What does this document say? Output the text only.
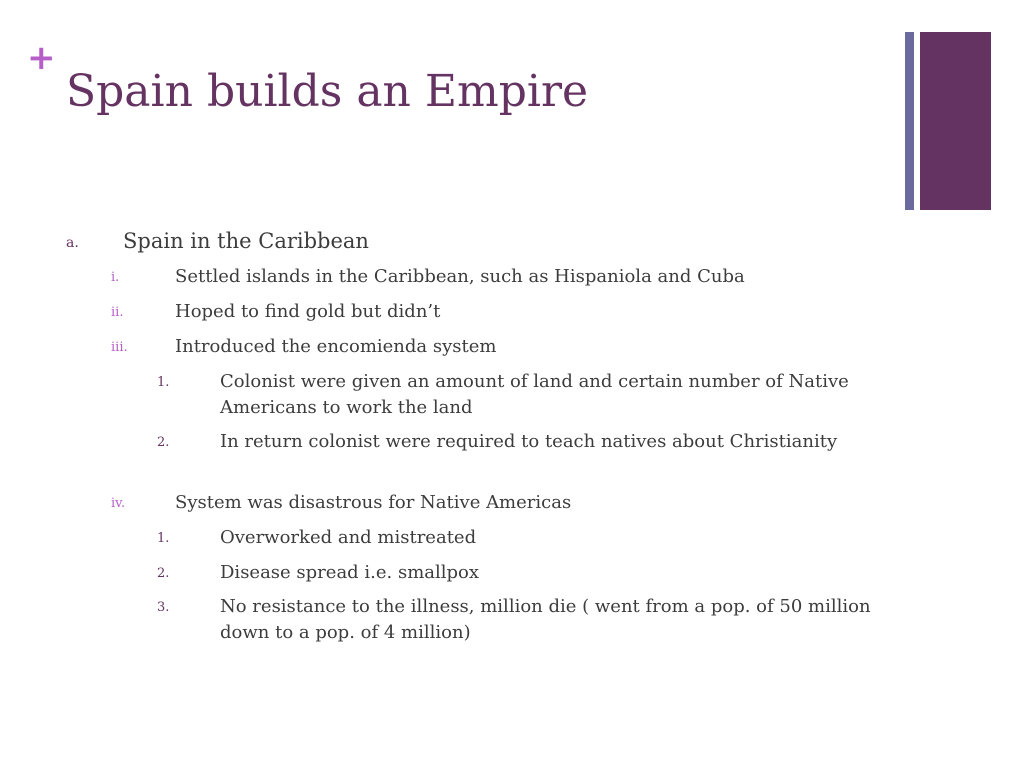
+
Spain builds an Empire
a. Spain in the Caribbean
i.	Settled islands in the Caribbean, such as Hispaniola and Cuba
ii.	Hoped to find gold but didn’t
iii.	Introduced the encomienda system
1.	Colonist were given an amount of land and certain number of Native Americans to work the land
2.	In return colonist were required to teach natives about Christianity
iv.	System was disastrous for Native Americas
1.	Overworked and mistreated
2.	Disease spread i.e. smallpox
3.	No resistance to the illness, million die ( went from a pop. of 50 million down to a pop. of 4 million)
